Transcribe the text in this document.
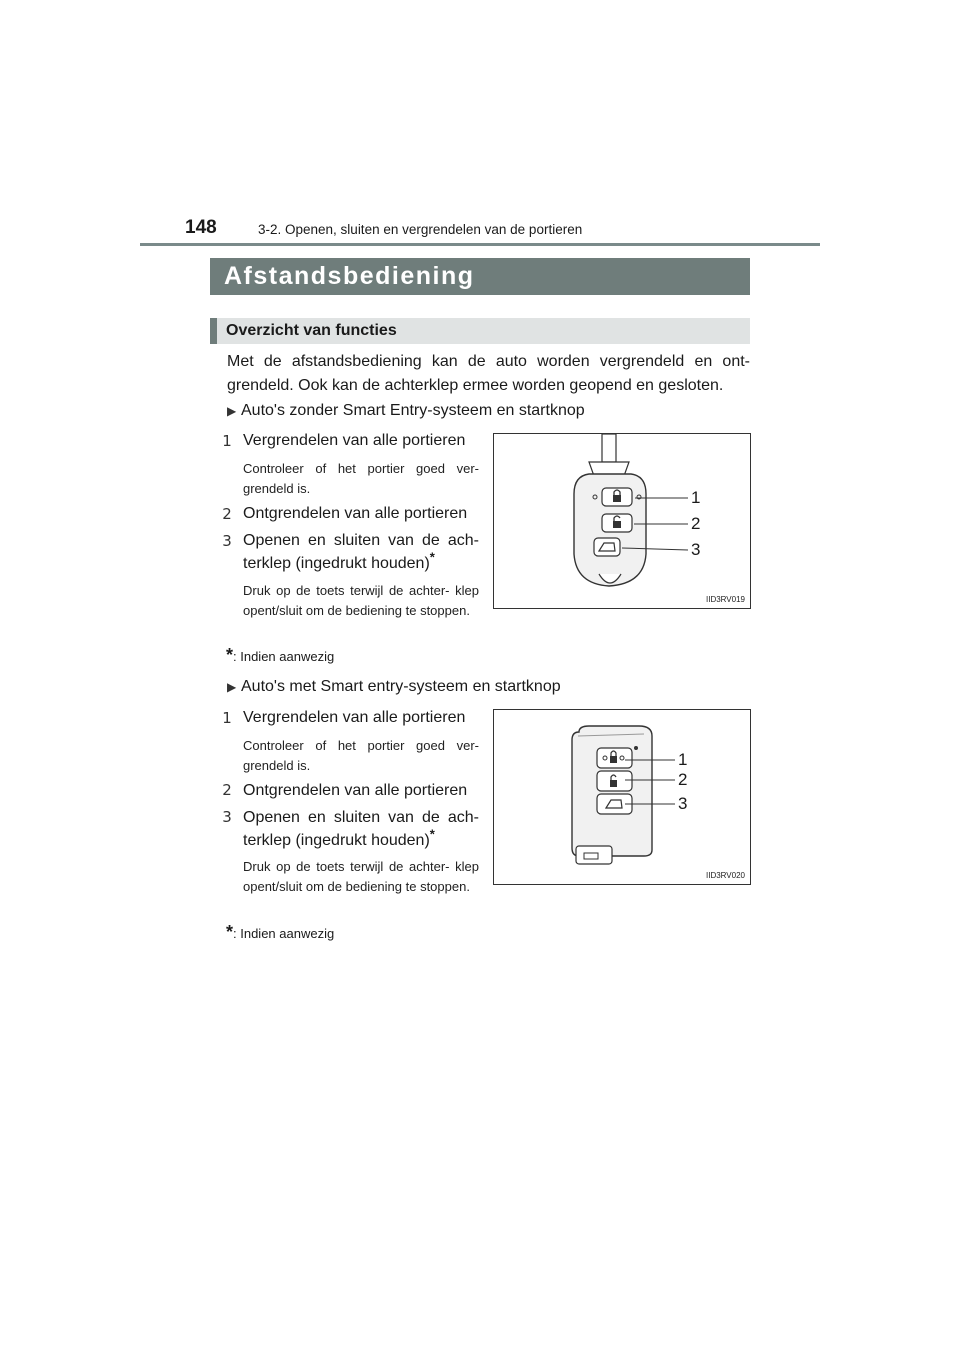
148	3-2. Openen, sluiten en vergrendelen van de portieren
Afstandsbediening
Overzicht van functies
Met de afstandsbediening kan de auto worden vergrendeld en ont- grendeld. Ook kan de achterklep ermee worden geopend en gesloten.
▶ Auto's zonder Smart Entry-systeem en startknop
1 Vergrendelen van alle portieren
Controleer of het portier goed ver- grendeld is.
2 Ontgrendelen van alle portieren
3 Openen en sluiten van de ach- terklep (ingedrukt houden)*
Druk op de toets terwijl de achter- klep opent/sluit om de bediening te stoppen.
*: Indien aanwezig
1
2
3
IID3RV019
▶ Auto's met Smart entry-systeem en startknop
1 Vergrendelen van alle portieren
Controleer of het portier goed ver- grendeld is.
2 Ontgrendelen van alle portieren
3 Openen en sluiten van de ach- terklep (ingedrukt houden)*
Druk op de toets terwijl de achter- klep opent/sluit om de bediening te stoppen.
*: Indien aanwezig
1
2
3
IID3RV020
